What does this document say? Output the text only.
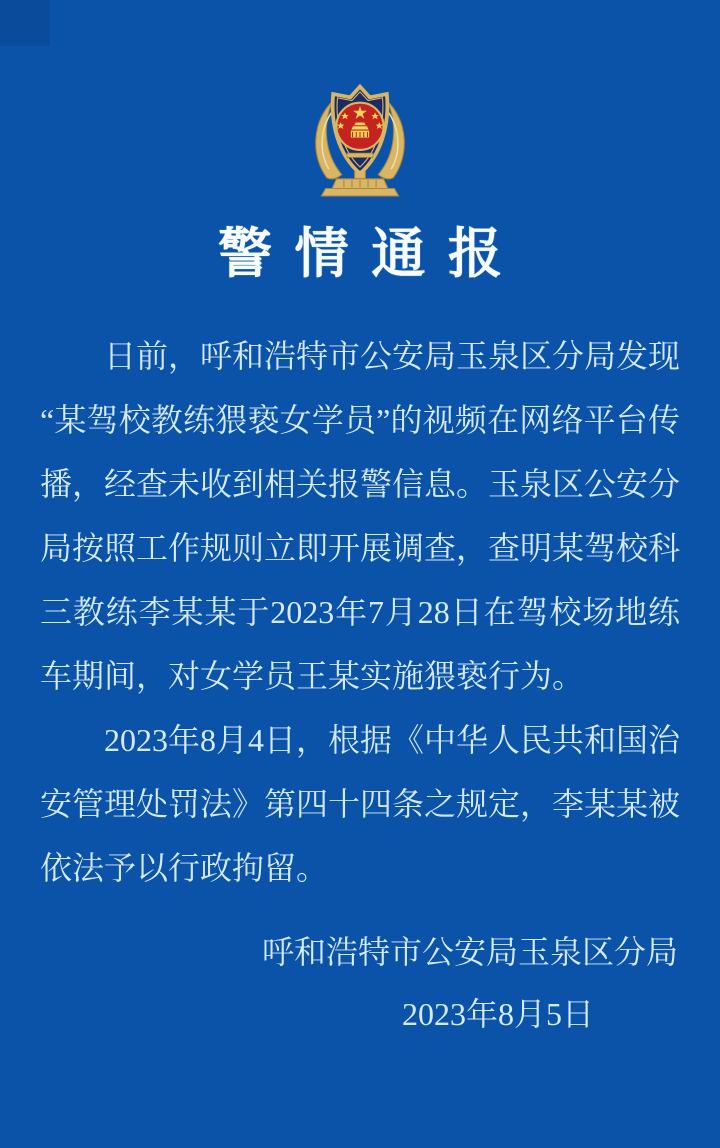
警情通报

日前，呼和浩特市公安局玉泉区分局发现“某驾校教练猥亵女学员”的视频在网络平台传播，经查未收到相关报警信息。玉泉区公安分局按照工作规则立即开展调查，查明某驾校科三教练李某某于2023年7月28日在驾校场地练车期间，对女学员王某实施猥亵行为。

2023年8月4日，根据《中华人民共和国治安管理处罚法》第四十四条之规定，李某某被依法予以行政拘留。

呼和浩特市公安局玉泉区分局

2023年8月5日
